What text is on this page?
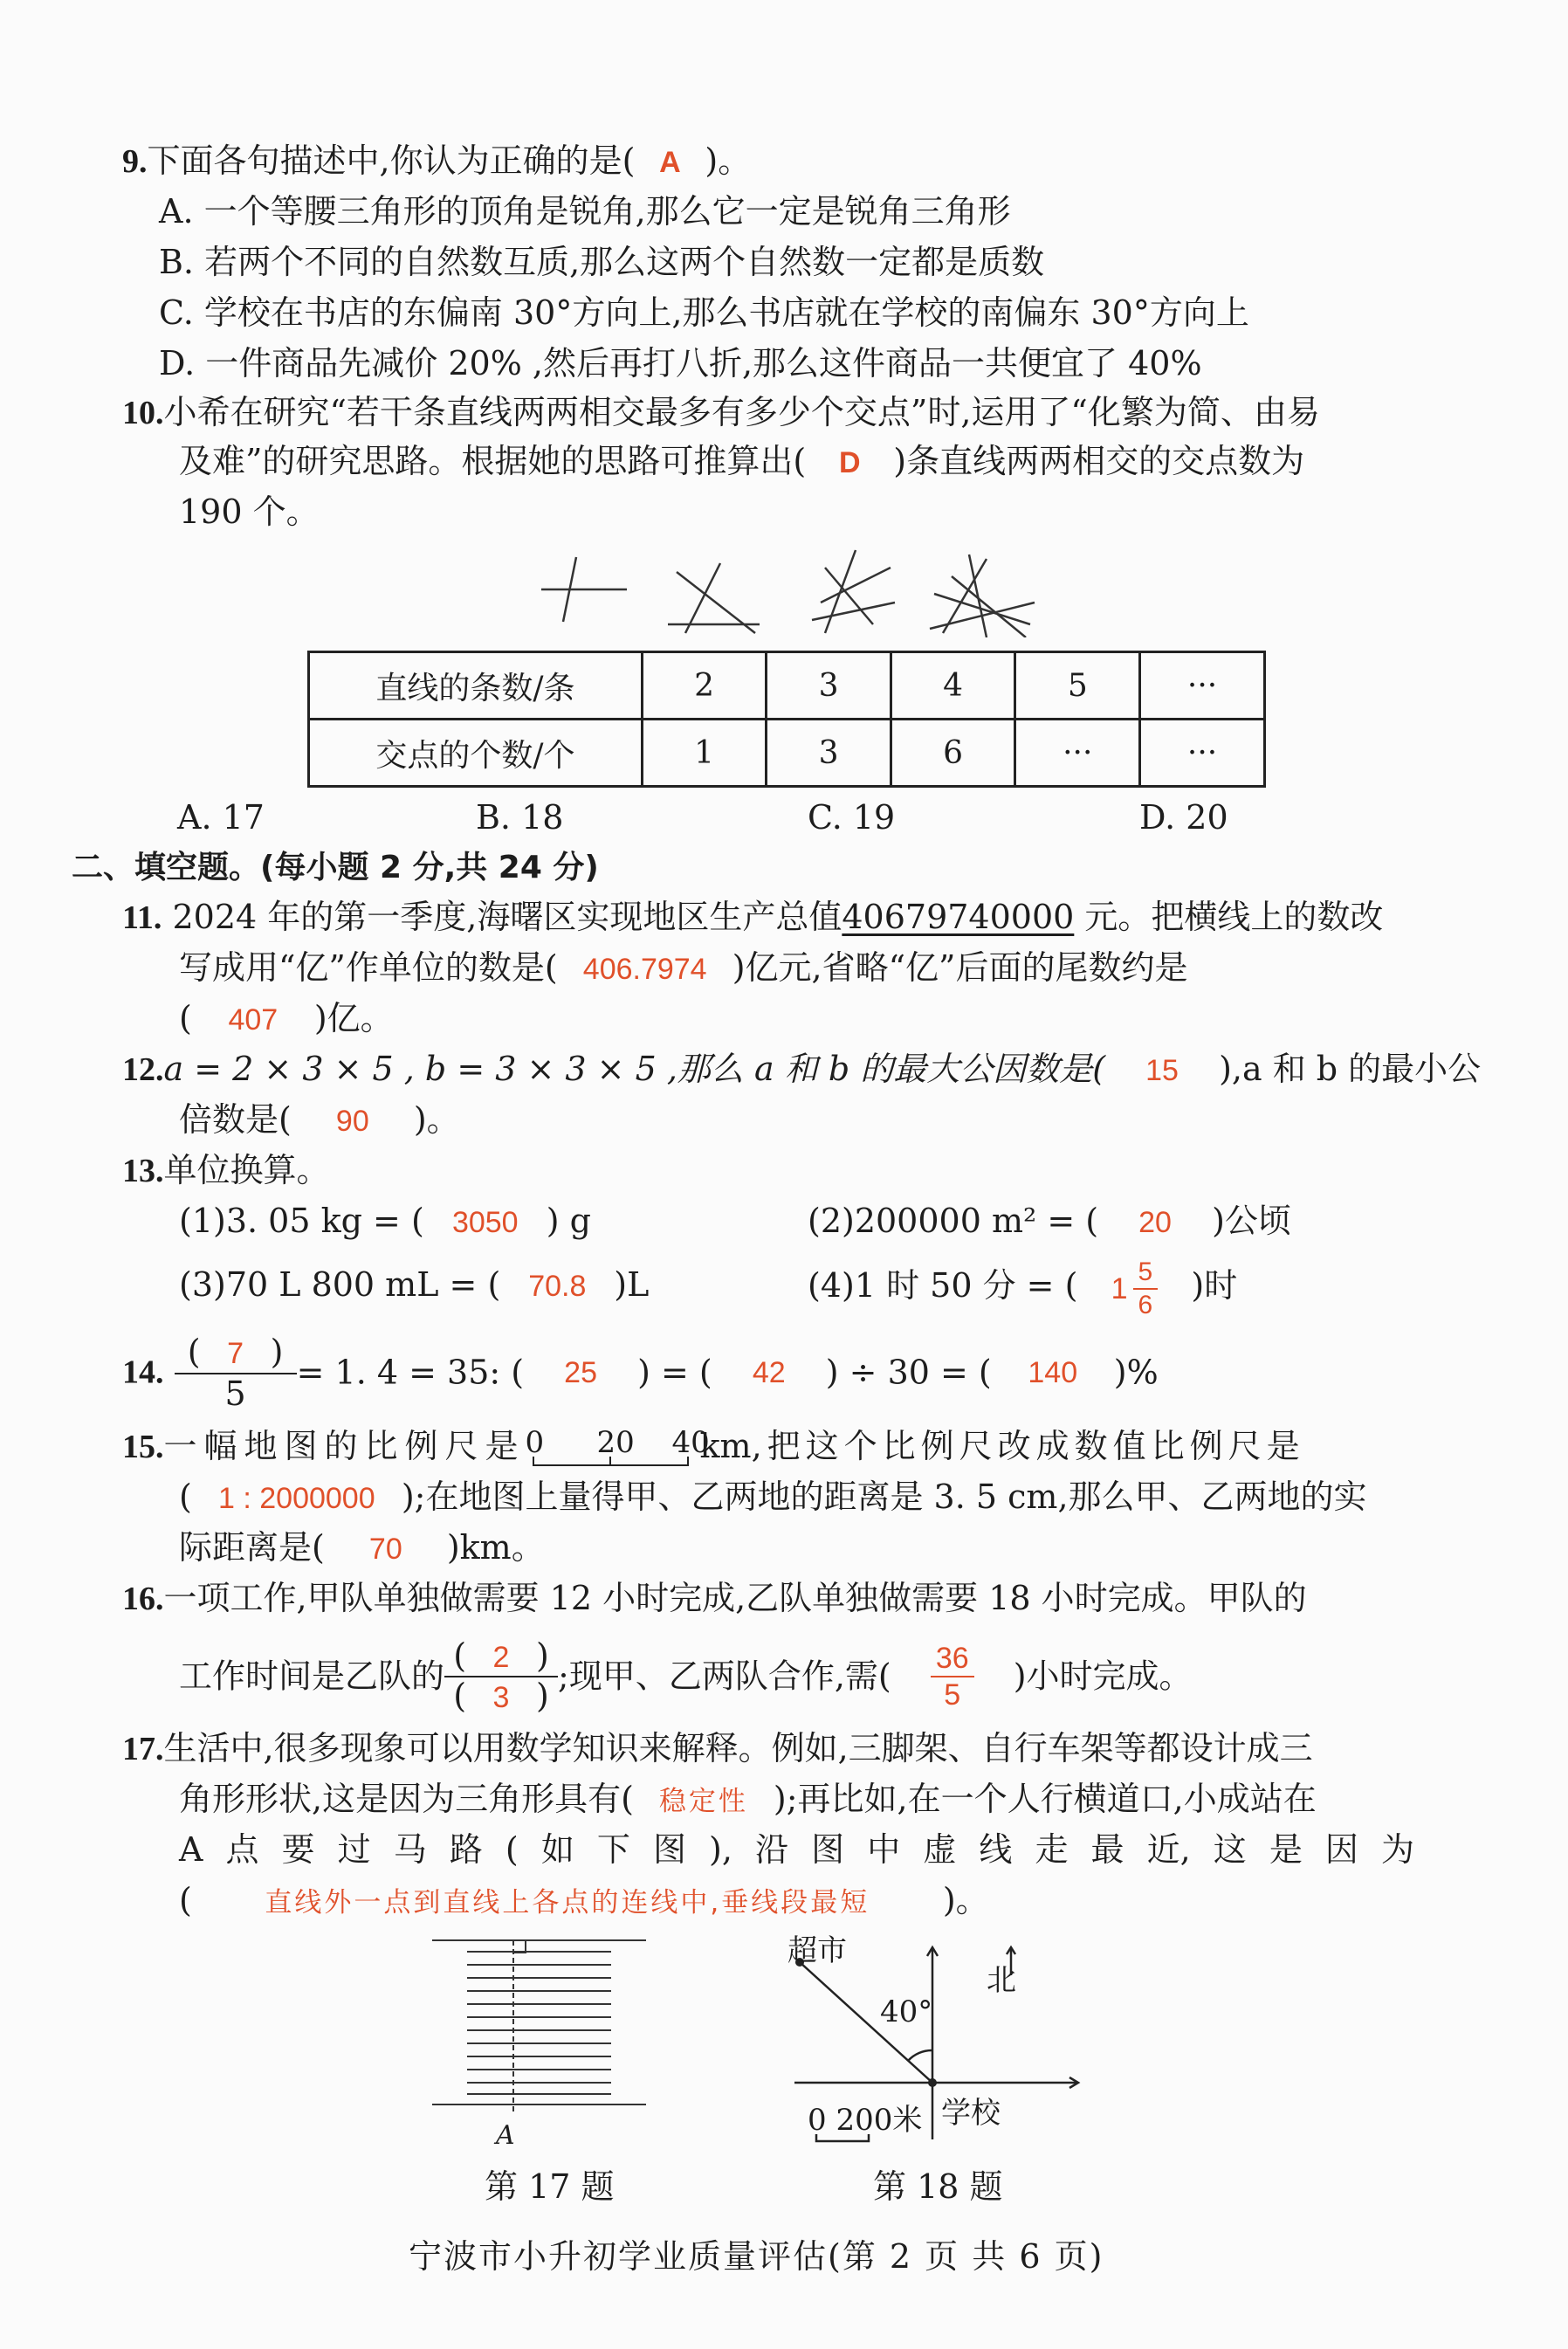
9.下面各句描述中,你认为正确的是( A )。
A. 一个等腰三角形的顶角是锐角,那么它一定是锐角三角形
B. 若两个不同的自然数互质,那么这两个自然数一定都是质数
C. 学校在书店的东偏南 30°方向上,那么书店就在学校的南偏东 30°方向上
D. 一件商品先减价 20% ,然后再打八折,那么这件商品一共便宜了 40%
10.小希在研究“若干条直线两两相交最多有多少个交点”时,运用了“化繁为简、由易
及难”的研究思路。根据她的思路可推算出( D )条直线两两相交的交点数为
190 个。
直线的条数/条	2	3	4	5	···
交点的个数/个	1	3	6	···	···
A. 17	B. 18	C. 19	D. 20
二、填空题。(每小题 2 分,共 24 分)
11. 2024 年的第一季度,海曙区实现地区生产总值40679740000 元。把横线上的数改
写成用“亿”作单位的数是( 406.7974 )亿元,省略“亿”后面的尾数约是
( 407 )亿。
12.a = 2 × 3 × 5 , b = 3 × 3 × 5 ,那么 a 和 b 的最大公因数是( 15 ),a 和 b 的最小公
倍数是( 90 )。
13.单位换算。
(1)3. 05 kg = ( 3050 ) g	(2)200000 m² = ( 20 )公顷
(3)70 L 800 mL = ( 70.8 )L	(4)1 时 50 分 = ( $1 \frac{5}{6}$ )时
14. $\frac{( 7 )}{5} = 1$. 4 = 35: ( 25 ) = ( 42 ) ÷ 30 = ( 140 )%
15.一幅地图的比例尺是 0 20 40
km,把这个比例尺改成数值比例尺是
( 1 : 2000000 );在地图上量得甲、乙两地的距离是 3. 5 cm,那么甲、乙两地的实
际距离是( 70 )km。
16.一项工作,甲队单独做需要 12 小时完成,乙队单独做需要 18 小时完成。甲队的
工作时间是乙队的 $\frac{( 2 )}{( 3 )}$ ;现甲、乙两队合作,需( $\frac{36}{5}$ )小时完成。
17.生活中,很多现象可以用数学知识来解释。例如,三脚架、自行车架等都设计成三
角形形状,这是因为三角形具有( 稳定性 );再比如,在一个人行横道口,小成站在
A 点 要 过 马 路 ( 如 下 图 ), 沿 图 中 虚 线 走 最 近, 这 是 因 为
(	直线外一点到直线上各点的连线中,垂线段最短 )。
A
第 17 题
超市
北
40°
学校
0 200米
第 18 题
宁波市小升初学业质量评估(第 2 页 共 6 页)
